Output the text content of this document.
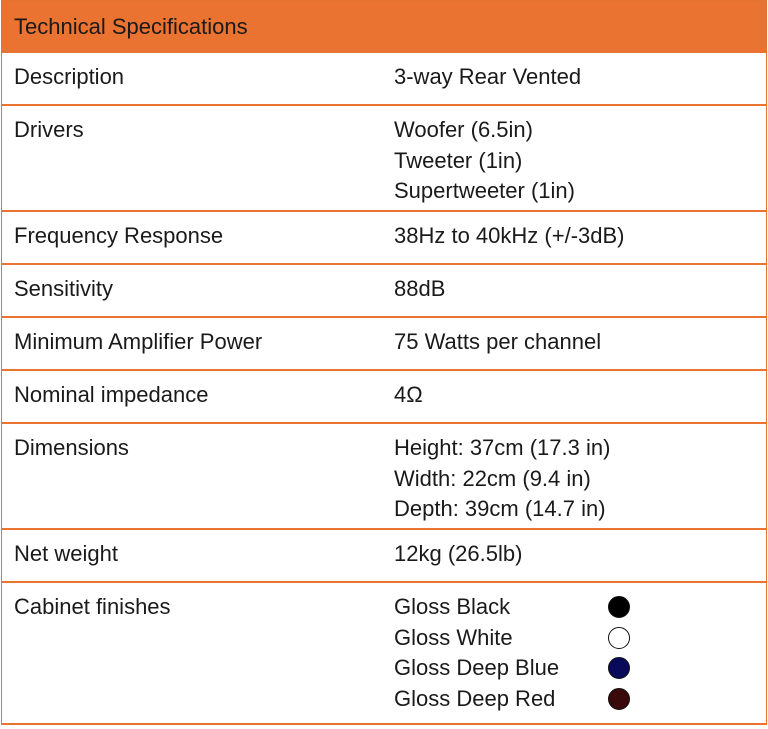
Technical Specifications
Description	3-way Rear Vented
Drivers	Woofer (6.5in)
Tweeter (1in)
Supertweeter (1in)
Frequency Response	38Hz to 40kHz (+/-3dB)
Sensitivity	88dB
Minimum Amplifier Power	75 Watts per channel
Nominal impedance	4Ω
Dimensions	Height: 37cm (17.3 in)
Width: 22cm (9.4 in)
Depth: 39cm (14.7 in)
Net weight	12kg (26.5lb)
Cabinet finishes	Gloss Black
Gloss White
Gloss Deep Blue
Gloss Deep Red
